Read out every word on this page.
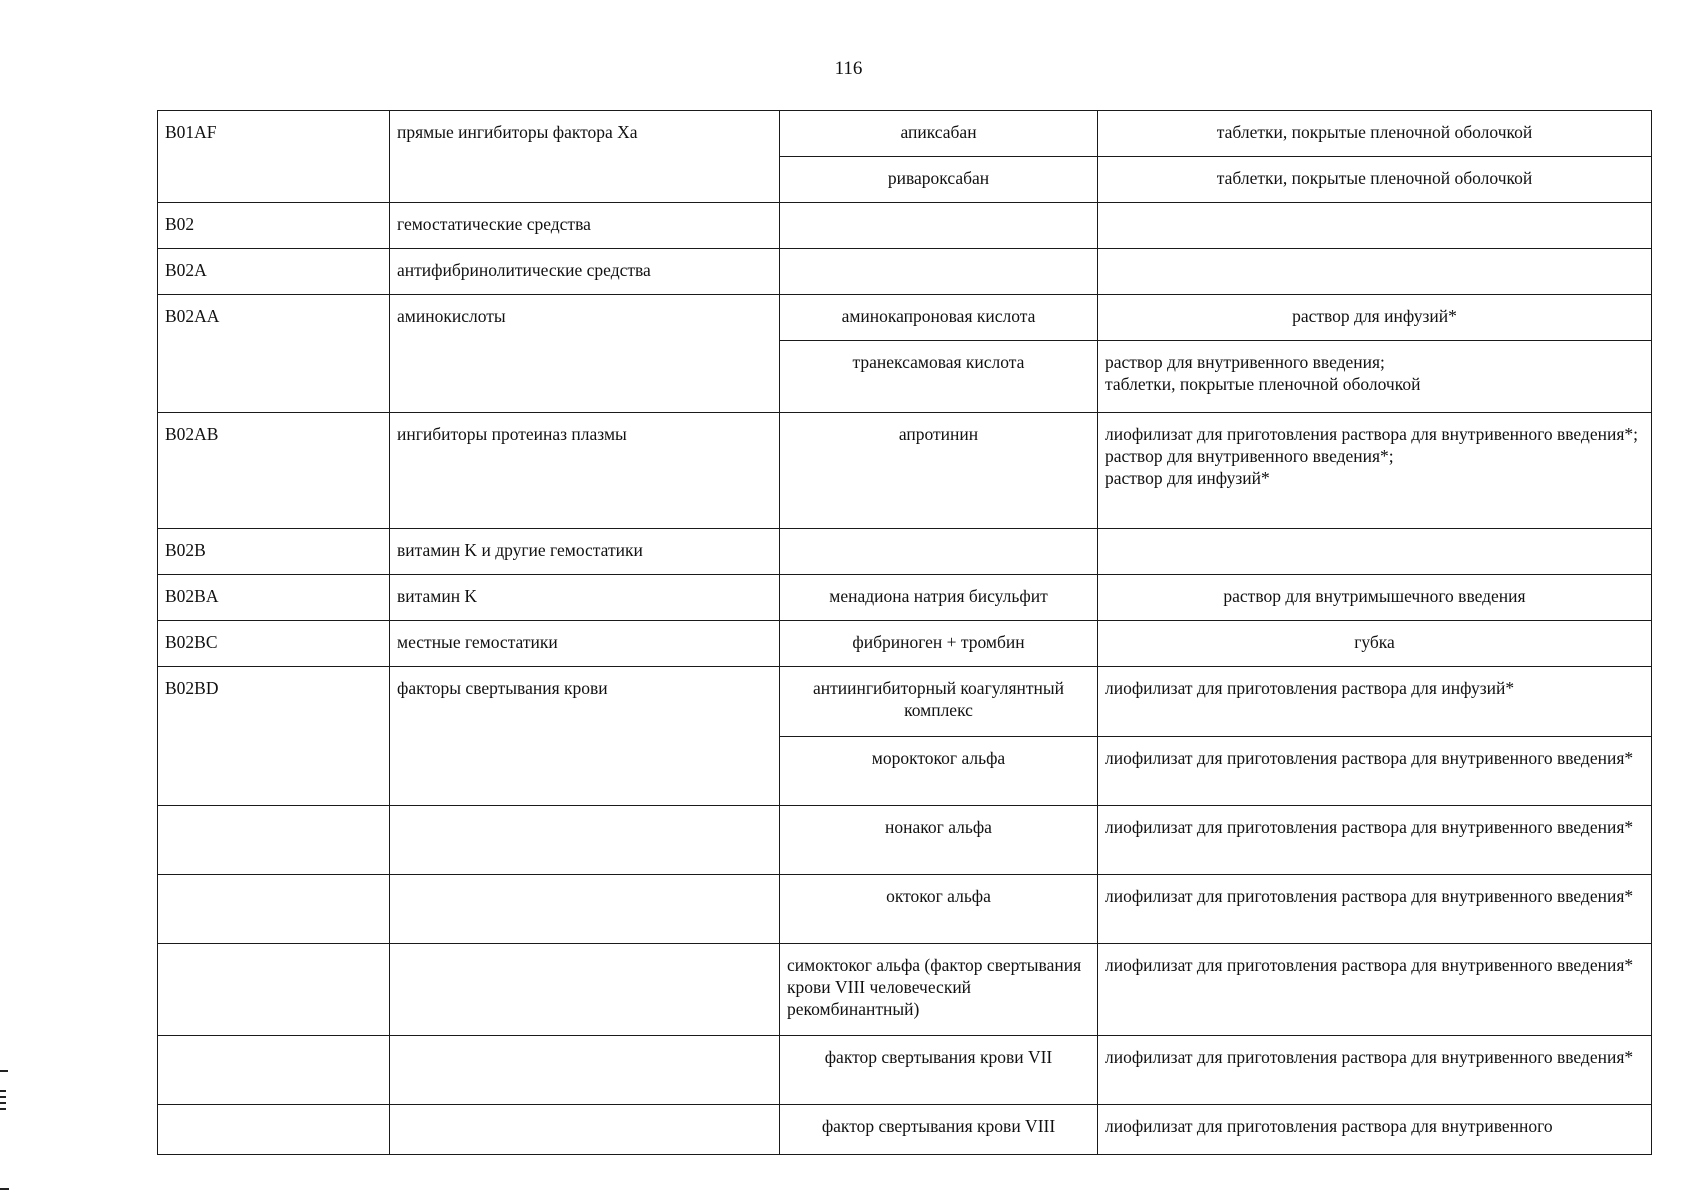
116
B01AF	прямые ингибиторы фактора Xa	апиксабан	таблетки, покрытые пленочной оболочкой

		ривароксабан	таблетки, покрытые пленочной оболочкой

B02	гемостатические средства		
B02A	антифибринолитические средства		
B02AA	аминокислоты	аминокапроновая кислота	раствор для инфузий*

		транексамовая кислота	раствор для внутривенного введения;
таблетки, покрытые пленочной оболочкой

B02AB	ингибиторы протеиназ плазмы	апротинин	лиофилизат для приготовления раствора для внутривенного введения*;
раствор для внутривенного введения*;
раствор для инфузий*

B02B	витамин K и другие гемостатики		
B02BA	витамин K	менадиона натрия бисульфит	раствор для внутримышечного введения

B02BC	местные гемостатики	фибриноген + тромбин	губка

B02BD	факторы свертывания крови	антиингибиторный коагулянтный комплекс	лиофилизат для приготовления раствора для инфузий*

		мороктоког альфа	лиофилизат для приготовления раствора для внутривенного введения*

		нонаког альфа	лиофилизат для приготовления раствора для внутривенного введения*

		октоког альфа	лиофилизат для приготовления раствора для внутривенного введения*

		симоктоког альфа (фактор свертывания крови VIII человеческий рекомбинантный)	лиофилизат для приготовления раствора для внутривенного введения*

		фактор свертывания крови VII	лиофилизат для приготовления раствора для внутривенного введения*

		фактор свертывания крови VIII	лиофилизат для приготовления раствора для внутривенного
